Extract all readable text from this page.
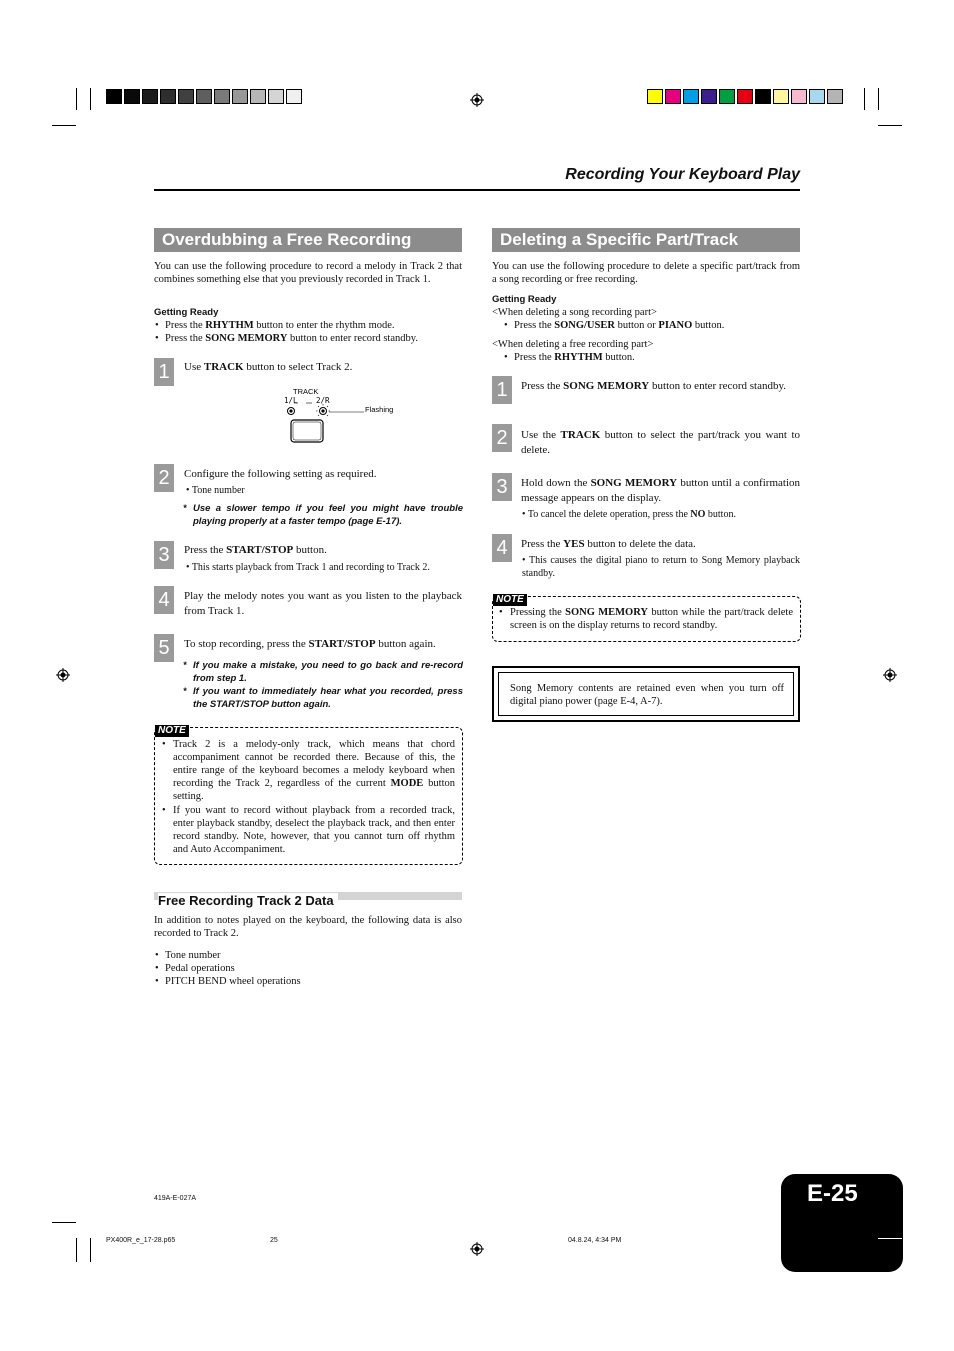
Recording Your Keyboard Play
Overdubbing a Free Recording
You can use the following procedure to record a melody in Track 2 that combines something else that you previously recorded in Track 1.
Getting Ready
• Press the RHYTHM button to enter the rhythm mode.
• Press the SONG MEMORY button to enter record standby.
1	Use TRACK button to select Track 2.
TRACK
1/L 2/R
Flashing
2	Configure the following setting as required.
• Tone number
* Use a slower tempo if you feel you might have trouble playing properly at a faster tempo (page E-17).
3	Press the START/STOP button.
• This starts playback from Track 1 and recording to Track 2.
4	Play the melody notes you want as you listen to the playback from Track 1.
5	To stop recording, press the START/STOP button again.
* If you make a mistake, you need to go back and re-record from step 1.
* If you want to immediately hear what you recorded, press the START/STOP button again.
NOTE
• Track 2 is a melody-only track, which means that chord accompaniment cannot be recorded there. Because of this, the entire range of the keyboard becomes a melody keyboard when recording the Track 2, regardless of the current MODE button setting.
• If you want to record without playback from a recorded track, enter playback standby, deselect the playback track, and then enter record standby. Note, however, that you cannot turn off rhythm and Auto Accompaniment.
Free Recording Track 2 Data
In addition to notes played on the keyboard, the following data is also recorded to Track 2.
• Tone number
• Pedal operations
• PITCH BEND wheel operations
Deleting a Specific Part/Track
You can use the following procedure to delete a specific part/track from a song recording or free recording.
Getting Ready
<When deleting a song recording part>
• Press the SONG/USER button or PIANO button.
<When deleting a free recording part>
• Press the RHYTHM button.
1	Press the SONG MEMORY button to enter record standby.
2	Use the TRACK button to select the part/track you want to delete.
3	Hold down the SONG MEMORY button until a confirmation message appears on the display.
• To cancel the delete operation, press the NO button.
4	Press the YES button to delete the data.
• This causes the digital piano to return to Song Memory playback standby.
NOTE
• Pressing the SONG MEMORY button while the part/track delete screen is on the display returns to record standby.
Song Memory contents are retained even when you turn off digital piano power (page E-4, A-7).
419A-E-027A
PX400R_e_17-28.p65	25	04.8.24, 4:34 PM
E-25
